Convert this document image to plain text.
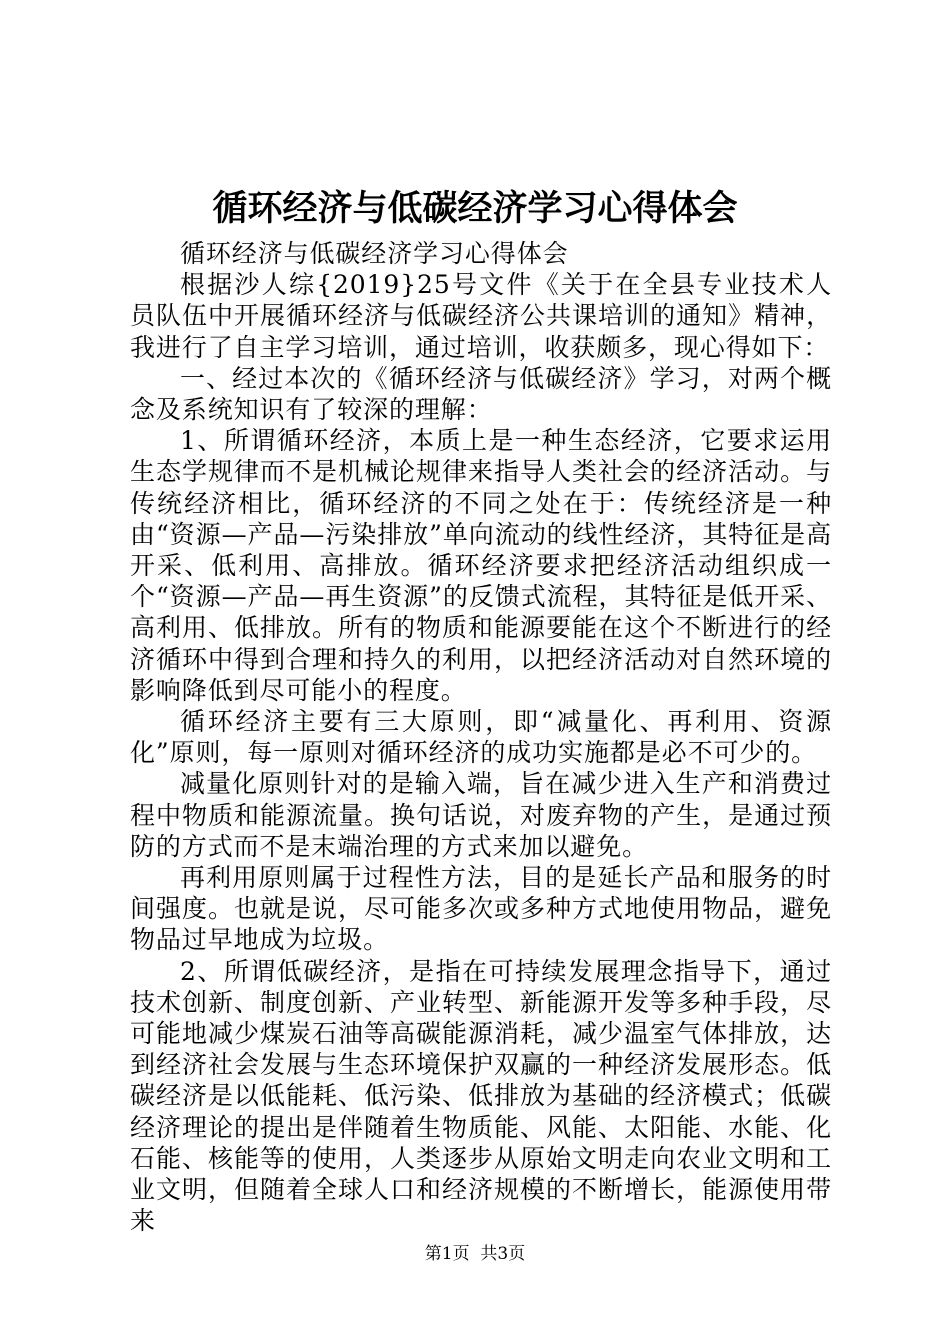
循环经济与低碳经济学习心得体会

循环经济与低碳经济学习心得体会

根据沙人综{2019}25号文件《关于在全县专业技术人员队伍中开展循环经济与低碳经济公共课培训的通知》精神，我进行了自主学习培训，通过培训，收获颇多，现心得如下：

一、经过本次的《循环经济与低碳经济》学习，对两个概念及系统知识有了较深的理解：

1、所谓循环经济，本质上是一种生态经济，它要求运用生态学规律而不是机械论规律来指导人类社会的经济活动。与传统经济相比，循环经济的不同之处在于：传统经济是一种由“资源—产品—污染排放”单向流动的线性经济，其特征是高开采、低利用、高排放。循环经济要求把经济活动组织成一个“资源—产品—再生资源”的反馈式流程，其特征是低开采、高利用、低排放。所有的物质和能源要能在这个不断进行的经济循环中得到合理和持久的利用，以把经济活动对自然环境的影响降低到尽可能小的程度。

循环经济主要有三大原则，即“减量化、再利用、资源化”原则，每一原则对循环经济的成功实施都是必不可少的。

减量化原则针对的是输入端，旨在减少进入生产和消费过程中物质和能源流量。换句话说，对废弃物的产生，是通过预防的方式而不是末端治理的方式来加以避免。

再利用原则属于过程性方法，目的是延长产品和服务的时间强度。也就是说，尽可能多次或多种方式地使用物品，避免物品过早地成为垃圾。

2、所谓低碳经济，是指在可持续发展理念指导下，通过技术创新、制度创新、产业转型、新能源开发等多种手段，尽可能地减少煤炭石油等高碳能源消耗，减少温室气体排放，达到经济社会发展与生态环境保护双赢的一种经济发展形态。低碳经济是以低能耗、低污染、低排放为基础的经济模式；低碳经济理论的提出是伴随着生物质能、风能、太阳能、水能、化石能、核能等的使用，人类逐步从原始文明走向农业文明和工业文明，但随着全球人口和经济规模的不断增长，能源使用带来

第1页 共3页
